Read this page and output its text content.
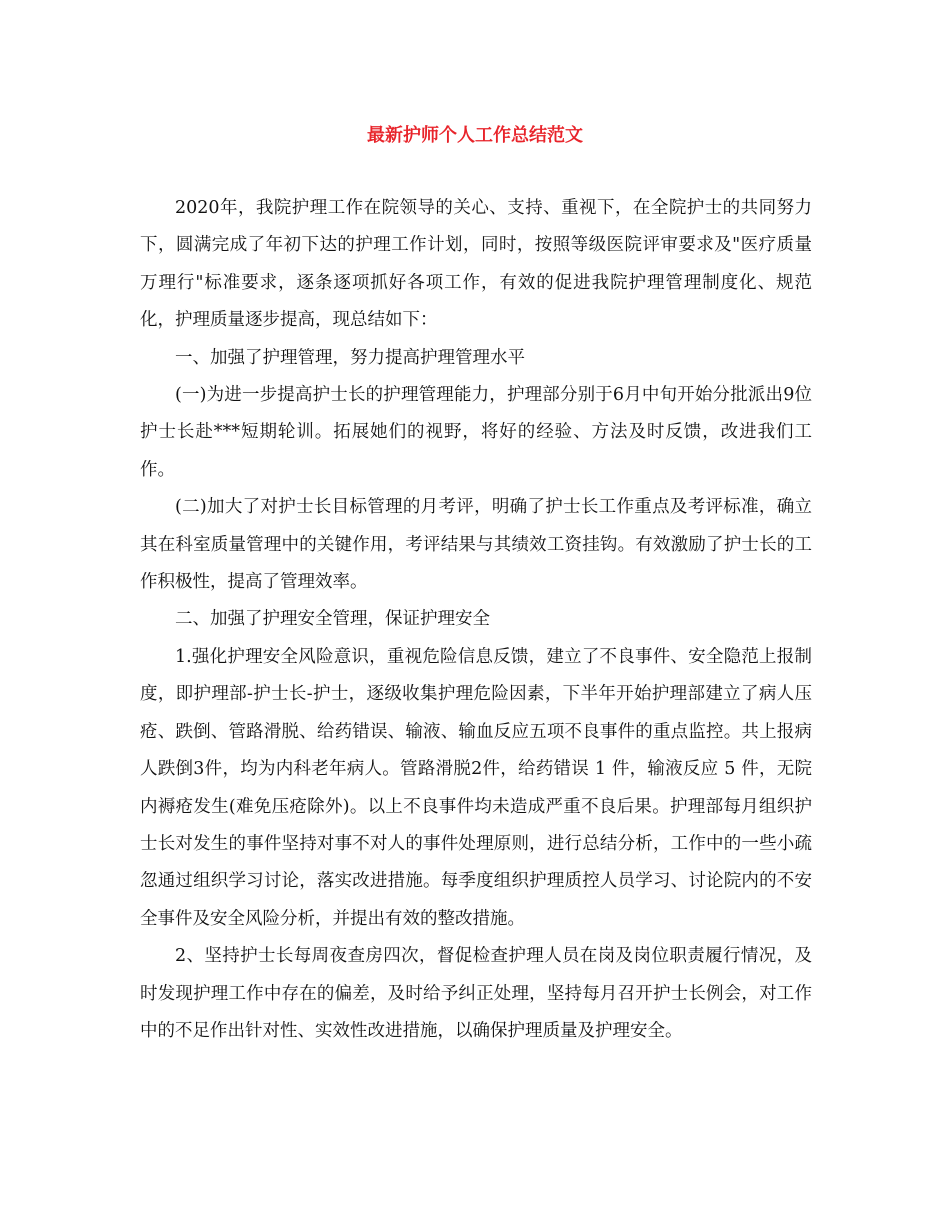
最新护师个人工作总结范文

2020年，我院护理工作在院领导的关心、支持、重视下，在全院护士的共同努力下，圆满完成了年初下达的护理工作计划，同时，按照等级医院评审要求及"医疗质量万理行"标准要求，逐条逐项抓好各项工作，有效的促进我院护理管理制度化、规范化，护理质量逐步提高，现总结如下：

一、加强了护理管理，努力提高护理管理水平

(一)为进一步提高护士长的护理管理能力，护理部分别于6月中旬开始分批派出9位护士长赴***短期轮训。拓展她们的视野，将好的经验、方法及时反馈，改进我们工作。

(二)加大了对护士长目标管理的月考评，明确了护士长工作重点及考评标准，确立其在科室质量管理中的关键作用，考评结果与其绩效工资挂钩。有效激励了护士长的工作积极性，提高了管理效率。

二、加强了护理安全管理，保证护理安全

1.强化护理安全风险意识，重视危险信息反馈，建立了不良事件、安全隐范上报制度，即护理部-护士长-护士，逐级收集护理危险因素，下半年开始护理部建立了病人压疮、跌倒、管路滑脱、给药错误、输液、输血反应五项不良事件的重点监控。共上报病人跌倒3件，均为内科老年病人。管路滑脱2件，给药错误 1 件，输液反应 5 件，无院内褥疮发生(难免压疮除外)。以上不良事件均未造成严重不良后果。护理部每月组织护士长对发生的事件坚持对事不对人的事件处理原则，进行总结分析，工作中的一些小疏忽通过组织学习讨论，落实改进措施。每季度组织护理质控人员学习、讨论院内的不安全事件及安全风险分析，并提出有效的整改措施。

2、坚持护士长每周夜查房四次，督促检查护理人员在岗及岗位职责履行情况，及时发现护理工作中存在的偏差，及时给予纠正处理，坚持每月召开护士长例会，对工作中的不足作出针对性、实效性改进措施，以确保护理质量及护理安全。
